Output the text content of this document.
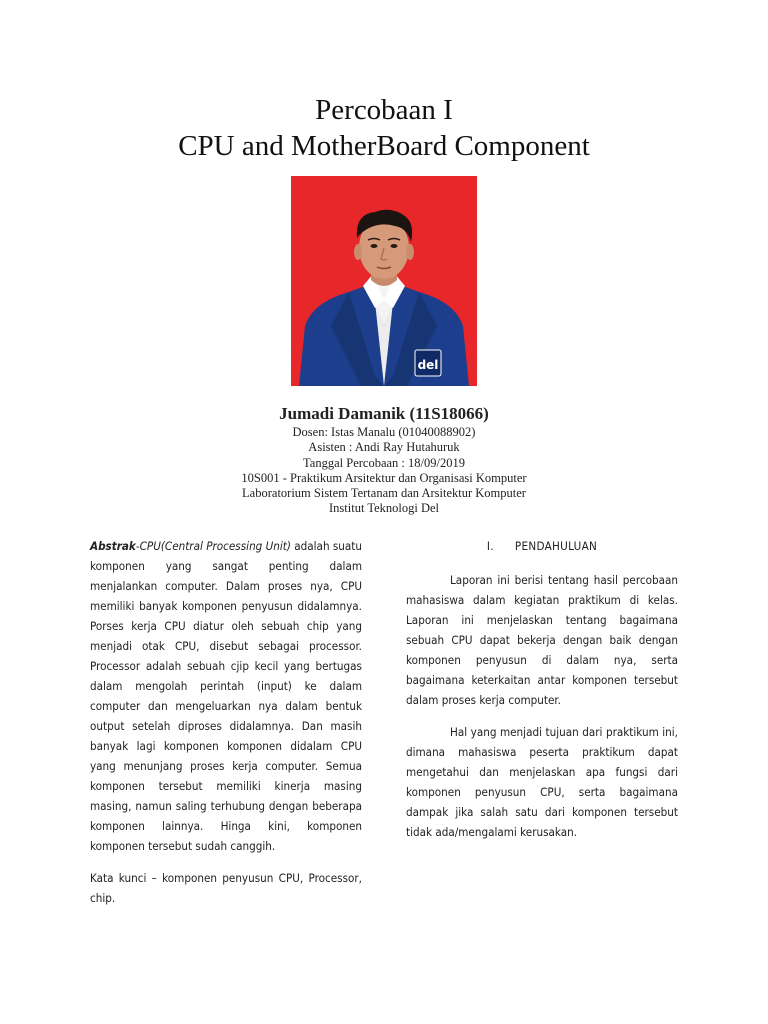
Percobaan I
CPU and MotherBoard Component
del
Jumadi Damanik (11S18066)
Dosen: Istas Manalu (01040088902)
Asisten : Andi Ray Hutahuruk
Tanggal Percobaan : 18/09/2019
10S001 - Praktikum Arsitektur dan Organisasi Komputer
Laboratorium Sistem Tertanam dan Arsitektur Komputer
Institut Teknologi Del

Abstrak-CPU(Central Processing Unit) adalah suatu komponen yang sangat penting dalam menjalankan computer. Dalam proses nya, CPU memiliki banyak komponen penyusun didalamnya. Porses kerja CPU diatur oleh sebuah chip yang menjadi otak CPU, disebut sebagai processor. Processor adalah sebuah cjip kecil yang bertugas dalam mengolah perintah (input) ke dalam computer dan mengeluarkan nya dalam bentuk output setelah diproses didalamnya. Dan masih banyak lagi komponen komponen didalam CPU yang menunjang proses kerja computer. Semua komponen tersebut memiliki kinerja masing masing, namun saling terhubung dengan beberapa komponen lainnya. Hinga kini, komponen komponen tersebut sudah canggih.

Kata kunci – komponen penyusun CPU, Processor, chip.

I. PENDAHULUAN

Laporan ini berisi tentang hasil percobaan mahasiswa dalam kegiatan praktikum di kelas. Laporan ini menjelaskan tentang bagaimana sebuah CPU dapat bekerja dengan baik dengan komponen penyusun di dalam nya, serta bagaimana keterkaitan antar komponen tersebut dalam proses kerja computer.

Hal yang menjadi tujuan dari praktikum ini, dimana mahasiswa peserta praktikum dapat mengetahui dan menjelaskan apa fungsi dari komponen penyusun CPU, serta bagaimana dampak jika salah satu dari komponen tersebut tidak ada/mengalami kerusakan.
